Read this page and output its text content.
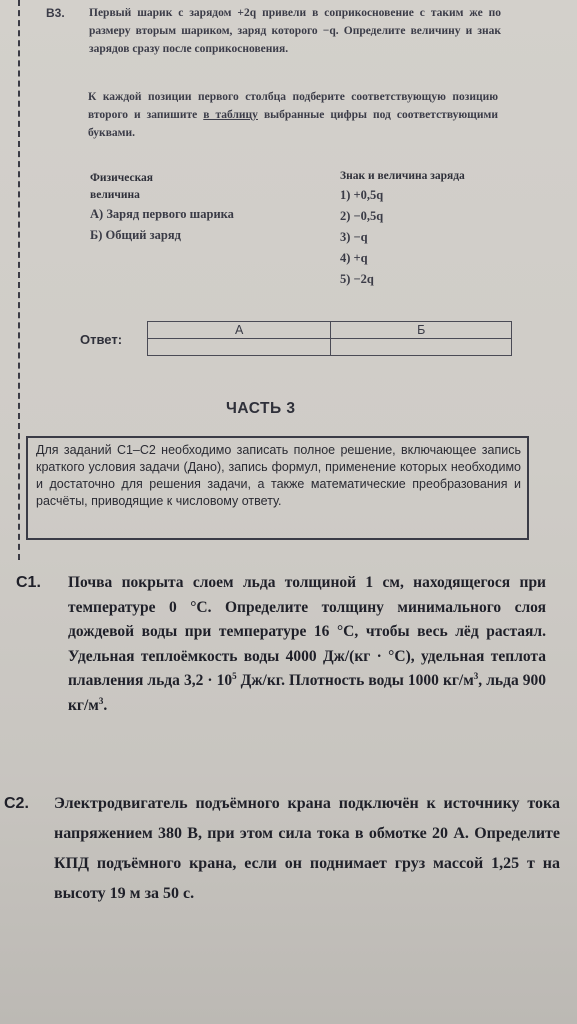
В3. Первый шарик с зарядом +2q привели в соприкосновение с таким же по размеру вторым шариком, заряд которого −q. Определите величину и знак зарядов сразу после соприкосновения.
К каждой позиции первого столбца подберите соответствующую позицию второго и запишите в таблицу выбранные цифры под соответствующими буквами.
Физическая величина
А) Заряд первого шарика
Б) Общий заряд
Знак и величина заряда
1) +0,5q
2) −0,5q
3) −q
4) +q
5) −2q
Ответ:
А	Б

ЧАСТЬ 3
Для заданий С1–С2 необходимо записать полное решение, включающее запись краткого условия задачи (Дано), запись формул, применение которых необходимо и достаточно для решения задачи, а также математические преобразования и расчёты, приводящие к числовому ответу.
С1. Почва покрыта слоем льда толщиной 1 см, находящегося при температуре 0 °С. Определите толщину минимального слоя дождевой воды при температуре 16 °С, чтобы весь лёд растаял. Удельная теплоёмкость воды 4000 Дж/(кг · °С), удельная теплота плавления льда $3,2 \cdot 10^5$ Дж/кг. Плотность воды 1000 $кг/м^3$, льда 900 $кг/м^3$.
С2. Электродвигатель подъёмного крана подключён к источнику тока напряжением 380 В, при этом сила тока в обмотке 20 А. Определите КПД подъёмного крана, если он поднимает груз массой 1,25 т на высоту 19 м за 50 с.
